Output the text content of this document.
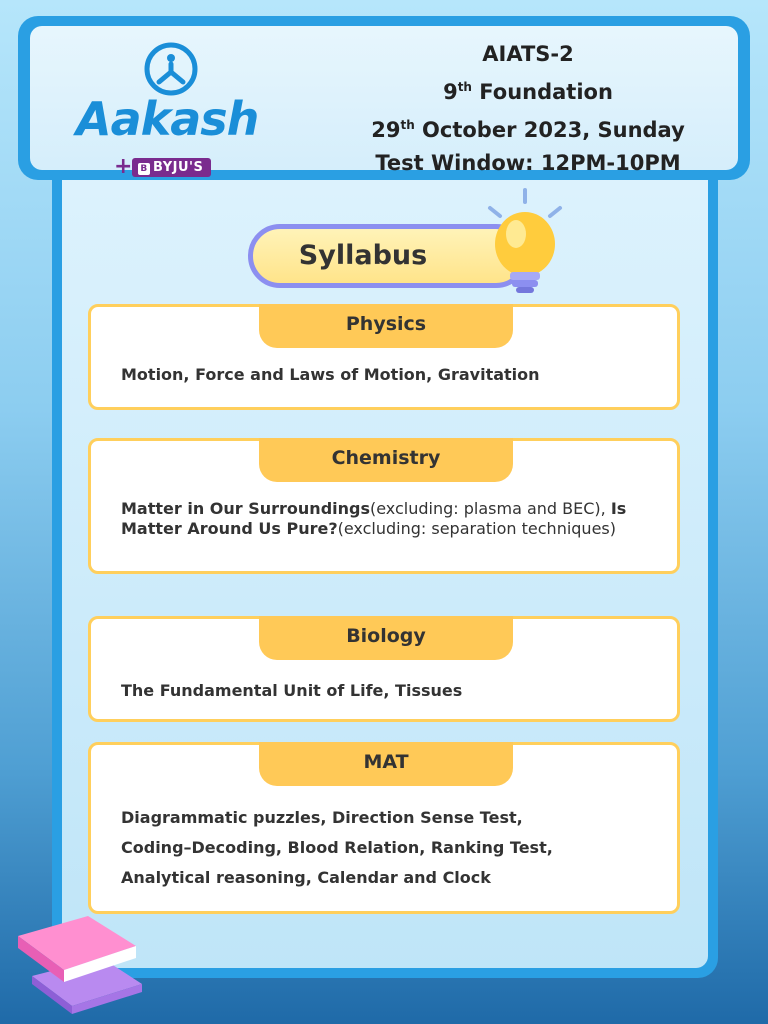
Aakash
+ B BYJU'S
AIATS-2
9th Foundation
29th October 2023, Sunday
Test Window: 12PM-10PM
Syllabus
Physics
Motion, Force and Laws of Motion, Gravitation
Chemistry
Matter in Our Surroundings(excluding: plasma and BEC), Is Matter Around Us Pure?(excluding: separation techniques)
Biology
The Fundamental Unit of Life, Tissues
MAT
Diagrammatic puzzles, Direction Sense Test,
Coding–Decoding, Blood Relation, Ranking Test,
Analytical reasoning, Calendar and Clock
